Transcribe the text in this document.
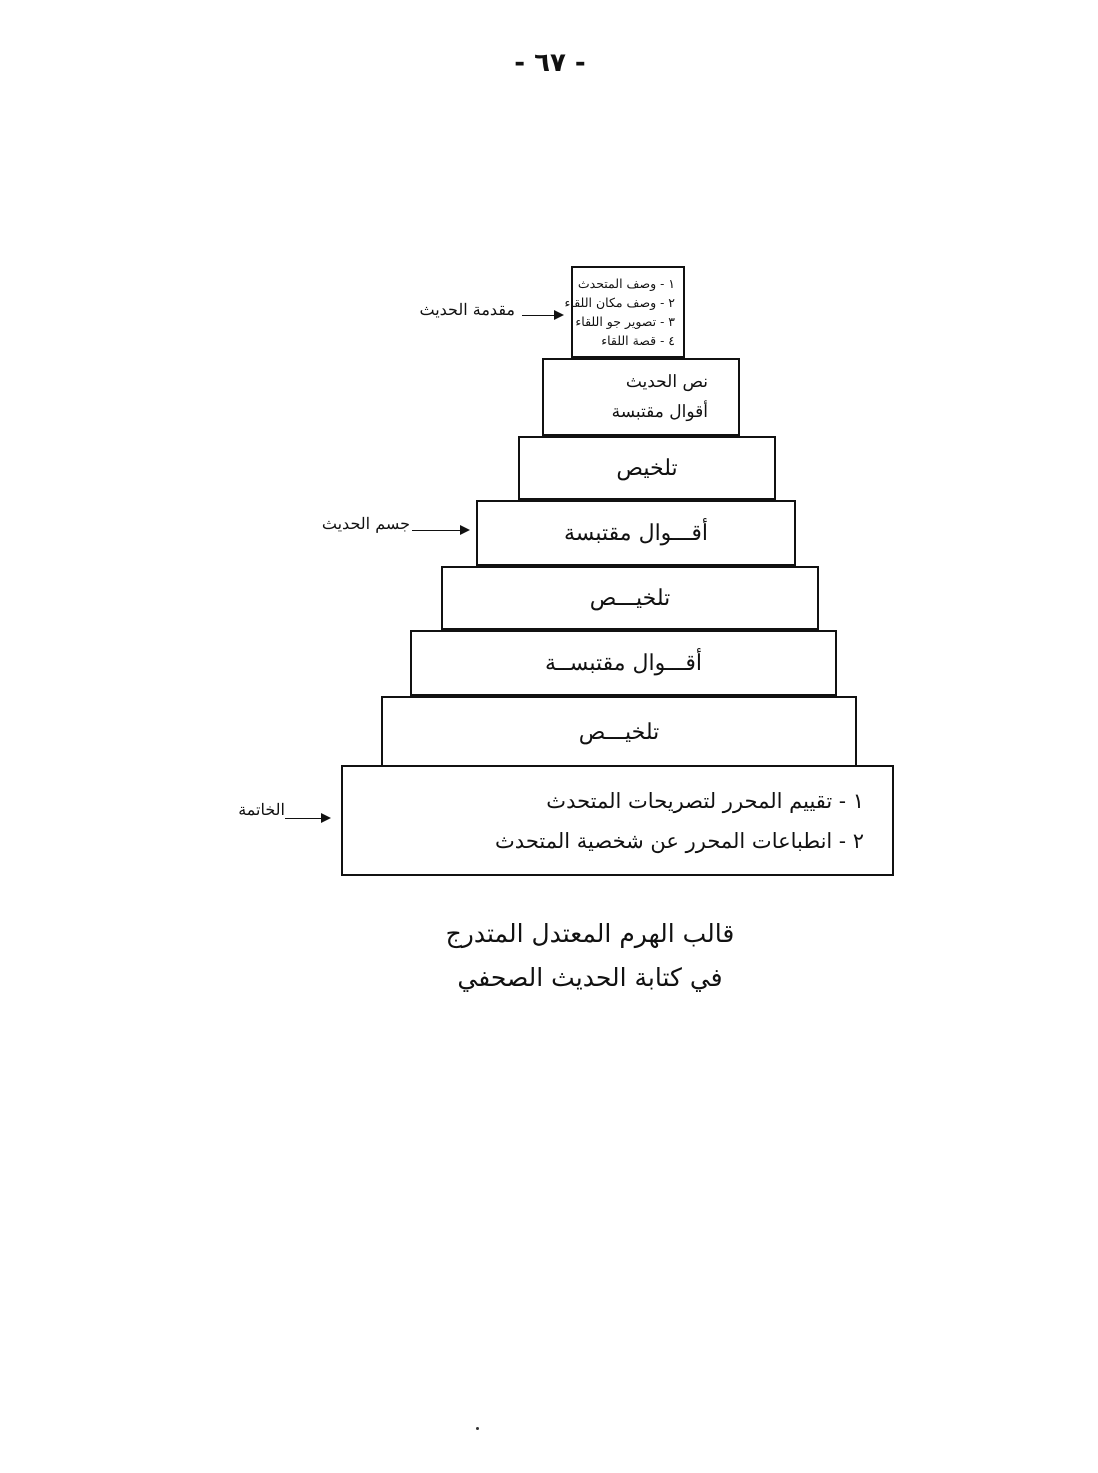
- ٦٧ -
١ - وصف المتحدث
٢ - وصف مكان اللقاء
٣ - تصوير جو اللقاء
٤ - قصة اللقاء
نص الحديث
أقوال مقتبسة
تلخيص
أقـــوال مقتبسة
تلخيـــص
أقـــوال مقتبســة
تلخيـــص
١ - تقييم المحرر لتصريحات المتحدث
٢ - انطباعات المحرر عن شخصية المتحدث
مقدمة الحديث
جسم الحديث
الخاتمة
قالب الهرم المعتدل المتدرج
في كتابة الحديث الصحفي
